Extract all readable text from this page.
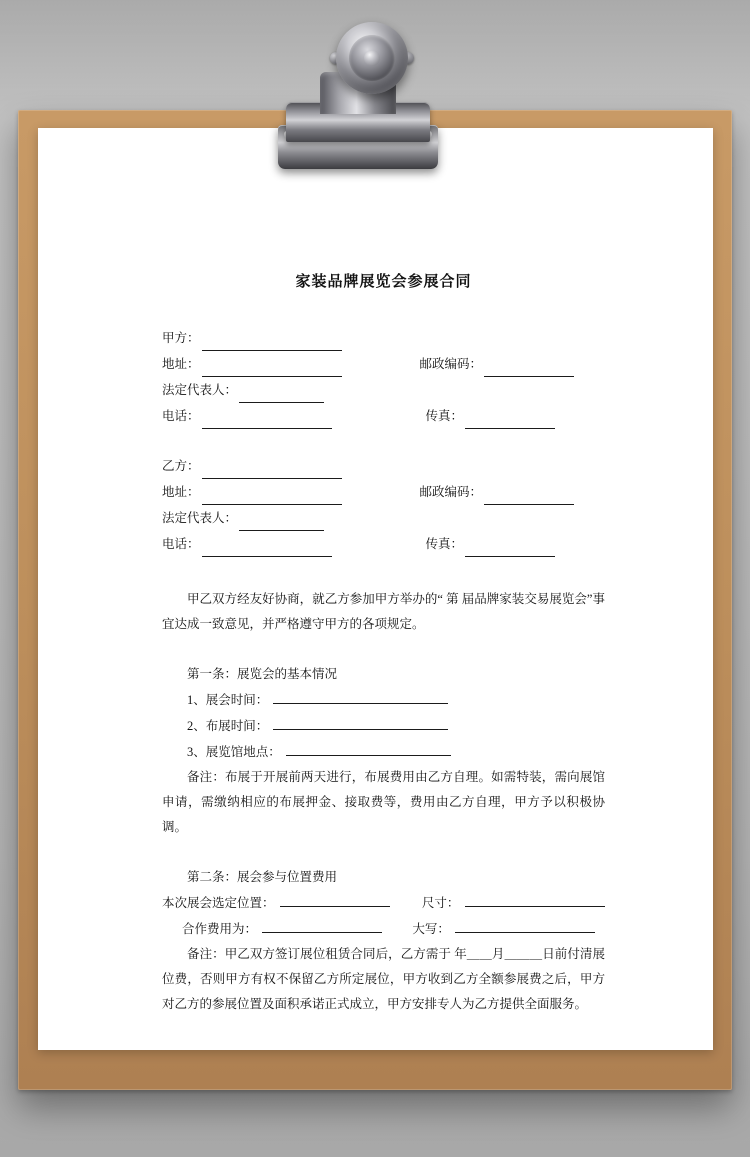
家装品牌展览会参展合同
甲方：
地址：	邮政编码：
法定代表人：
电话：	传真：
乙方：
地址：	邮政编码：
法定代表人：
电话：	传真：

甲乙双方经友好协商，就乙方参加甲方举办的“ 第 届品牌家装交易展览会”事宜达成一致意见，并严格遵守甲方的各项规定。

第一条：展览会的基本情况

1、展会时间：
2、布展时间：
3、展览馆地点：

备注：布展于开展前两天进行，布展费用由乙方自理。如需特装，需向展馆申请，需缴纳相应的布展押金、接取费等，费用由乙方自理，甲方予以积极协调。

第二条：展会参与位置费用

本次展会选定位置：	尺寸：
合作费用为：	大写：

备注：甲乙双方签订展位租赁合同后，乙方需于 年＿＿月＿＿＿日前付清展位费，否则甲方有权不保留乙方所定展位，甲方收到乙方全额参展费之后，甲方对乙方的参展位置及面积承诺正式成立，甲方安排专人为乙方提供全面服务。
